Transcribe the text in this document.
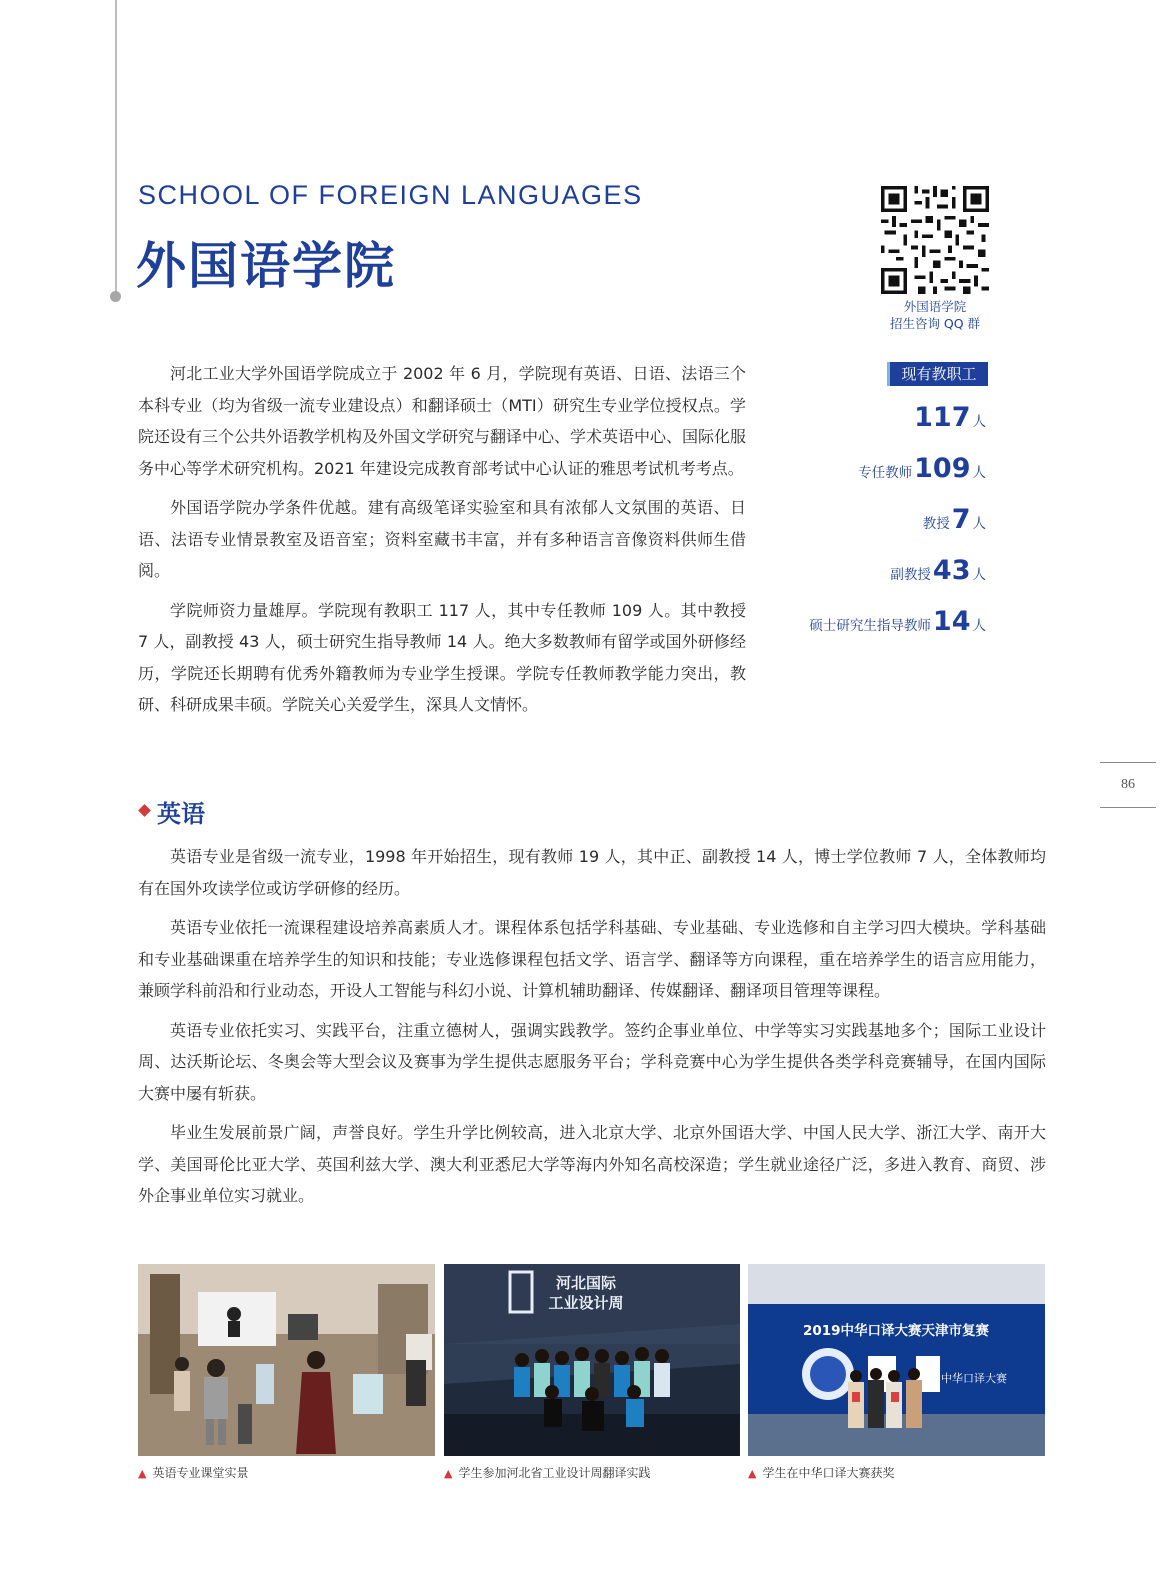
SCHOOL OF FOREIGN LANGUAGES
外国语学院
外国语学院
招生咨询 QQ 群

河北工业大学外国语学院成立于 2002 年 6 月，学院现有英语、日语、法语三个本科专业（均为省级一流专业建设点）和翻译硕士（MTI）研究生专业学位授权点。学院还设有三个公共外语教学机构及外国文学研究与翻译中心、学术英语中心、国际化服务中心等学术研究机构。2021 年建设完成教育部考试中心认证的雅思考试机考考点。

外国语学院办学条件优越。建有高级笔译实验室和具有浓郁人文氛围的英语、日语、法语专业情景教室及语音室；资料室藏书丰富，并有多种语言音像资料供师生借阅。

学院师资力量雄厚。学院现有教职工 117 人，其中专任教师 109 人。其中教授 7 人，副教授 43 人，硕士研究生指导教师 14 人。绝大多数教师有留学或国外研修经历，学院还长期聘有优秀外籍教师为专业学生授课。学院专任教师教学能力突出，教研、科研成果丰硕。学院关心关爱学生，深具人文情怀。

现有教职工
117 人
专任教师109 人
教授7 人
副教授43 人
硕士研究生指导教师14 人
86
英语

英语专业是省级一流专业，1998 年开始招生，现有教师 19 人，其中正、副教授 14 人，博士学位教师 7 人，全体教师均有在国外攻读学位或访学研修的经历。

英语专业依托一流课程建设培养高素质人才。课程体系包括学科基础、专业基础、专业选修和自主学习四大模块。学科基础和专业基础课重在培养学生的知识和技能；专业选修课程包括文学、语言学、翻译等方向课程，重在培养学生的语言应用能力，兼顾学科前沿和行业动态，开设人工智能与科幻小说、计算机辅助翻译、传媒翻译、翻译项目管理等课程。

英语专业依托实习、实践平台，注重立德树人，强调实践教学。签约企事业单位、中学等实习实践基地多个；国际工业设计周、达沃斯论坛、冬奥会等大型会议及赛事为学生提供志愿服务平台；学科竞赛中心为学生提供各类学科竞赛辅导，在国内国际大赛中屡有斩获。

毕业生发展前景广阔，声誉良好。学生升学比例较高，进入北京大学、北京外国语大学、中国人民大学、浙江大学、南开大学、美国哥伦比亚大学、英国利兹大学、澳大利亚悉尼大学等海内外知名高校深造；学生就业途径广泛，多进入教育、商贸、涉外企事业单位实习就业。

河北国际
工业设计周
2019中华口译大赛天津市复赛
中华口译大赛
▲ 英语专业课堂实景	▲ 学生参加河北省工业设计周翻译实践	▲ 学生在中华口译大赛获奖
